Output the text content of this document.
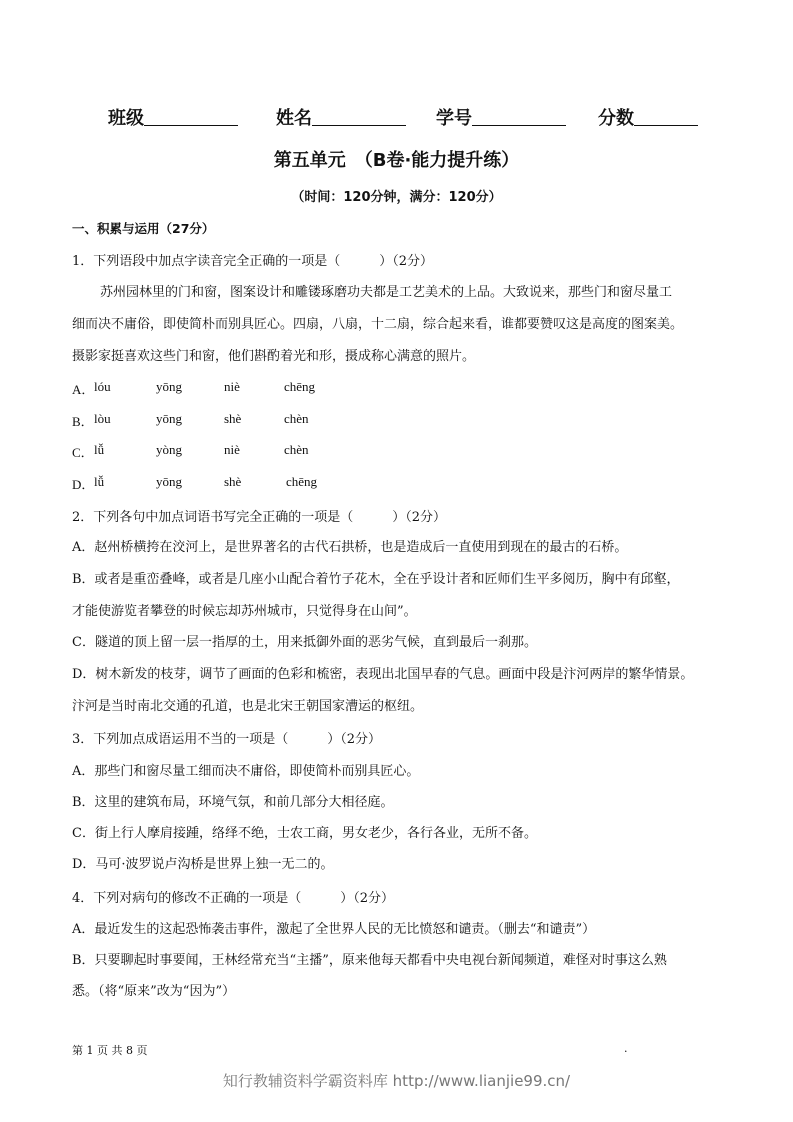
班级	姓名	学号	分数
第五单元　（B卷·能力提升练）
（时间：120分钟，满分：120分）
一、积累与运用（27分）
1．下列语段中加点字读音完全正确的一项是（　　　）（2分）
苏州园林里的门和窗，图案设计和雕镂琢磨功夫都是工艺美术的上品。大致说来，那些门和窗尽量工
细而决不庸俗，即使简朴而别具匠心。四扇，八扇，十二扇，综合起来看，谁都要赞叹这是高度的图案美。
摄影家挺喜欢这些门和窗，他们斟酌着光和形，摄成称心满意的照片。
A． lóu	yōng	niè	chēng
B． lòu	yōng	shè	chèn
C． lǚ	yòng	niè	chèn
D． lǚ	yōng	shè	chēng
2．下列各句中加点词语书写完全正确的一项是（　　　）（2分）
A．赵州桥横挎在洨河上，是世界著名的古代石拱桥，也是造成后一直使用到现在的最古的石桥。
B．或者是重峦叠峰，或者是几座小山配合着竹子花木，全在乎设计者和匠师们生平多阅历，胸中有邱壑，
才能使游览者攀登的时候忘却苏州城市，只觉得身在山间”。
C．隧道的顶上留一层一指厚的土，用来抵御外面的恶劣气候，直到最后一刹那。
D．树木新发的枝芽，调节了画面的色彩和梳密，表现出北国早春的气息。画面中段是汴河两岸的繁华情景。
汴河是当时南北交通的孔道，也是北宋王朝国家漕运的枢纽。
3．下列加点成语运用不当的一项是（　　　）（2分）
A．那些门和窗尽量工细而决不庸俗，即使简朴而别具匠心。
B．这里的建筑布局，环境气氛，和前几部分大相径庭。
C．街上行人摩肩接踵，络绎不绝，士农工商，男女老少，各行各业，无所不备。
D．马可·波罗说卢沟桥是世界上独一无二的。
4．下列对病句的修改不正确的一项是（　　　）（2分）
A．最近发生的这起恐怖袭击事件，激起了全世界人民的无比愤怒和谴责。（删去“和谴责”）
B．只要聊起时事要闻，王林经常充当“主播”，原来他每天都看中央电视台新闻频道，难怪对时事这么熟
悉。（将“原来”改为“因为”）
第 1 页 共 8 页	.
知行教辅资料学霸资料库 http://www.lianjie99.cn/
